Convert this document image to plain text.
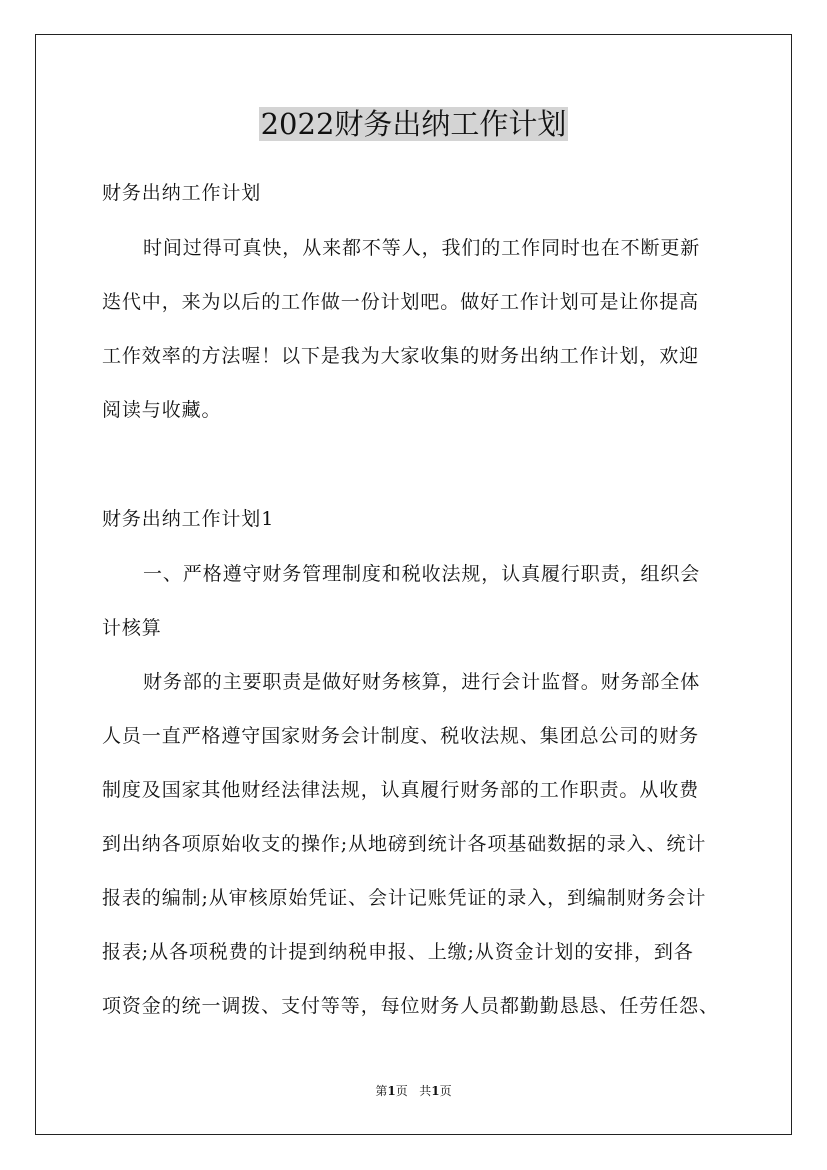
2022财务出纳工作计划
财务出纳工作计划
时间过得可真快，从来都不等人，我们的工作同时也在不断更新
迭代中，来为以后的工作做一份计划吧。做好工作计划可是让你提高
工作效率的方法喔！以下是我为大家收集的财务出纳工作计划，欢迎
阅读与收藏。
财务出纳工作计划1
一、严格遵守财务管理制度和税收法规，认真履行职责，组织会
计核算
财务部的主要职责是做好财务核算，进行会计监督。财务部全体
人员一直严格遵守国家财务会计制度、税收法规、集团总公司的财务
制度及国家其他财经法律法规，认真履行财务部的工作职责。从收费
到出纳各项原始收支的操作;从地磅到统计各项基础数据的录入、统计
报表的编制;从审核原始凭证、会计记账凭证的录入，到编制财务会计
报表;从各项税费的计提到纳税申报、上缴;从资金计划的安排，到各
项资金的统一调拨、支付等等，每位财务人员都勤勤恳恳、任劳任怨、
第1页 共1页
